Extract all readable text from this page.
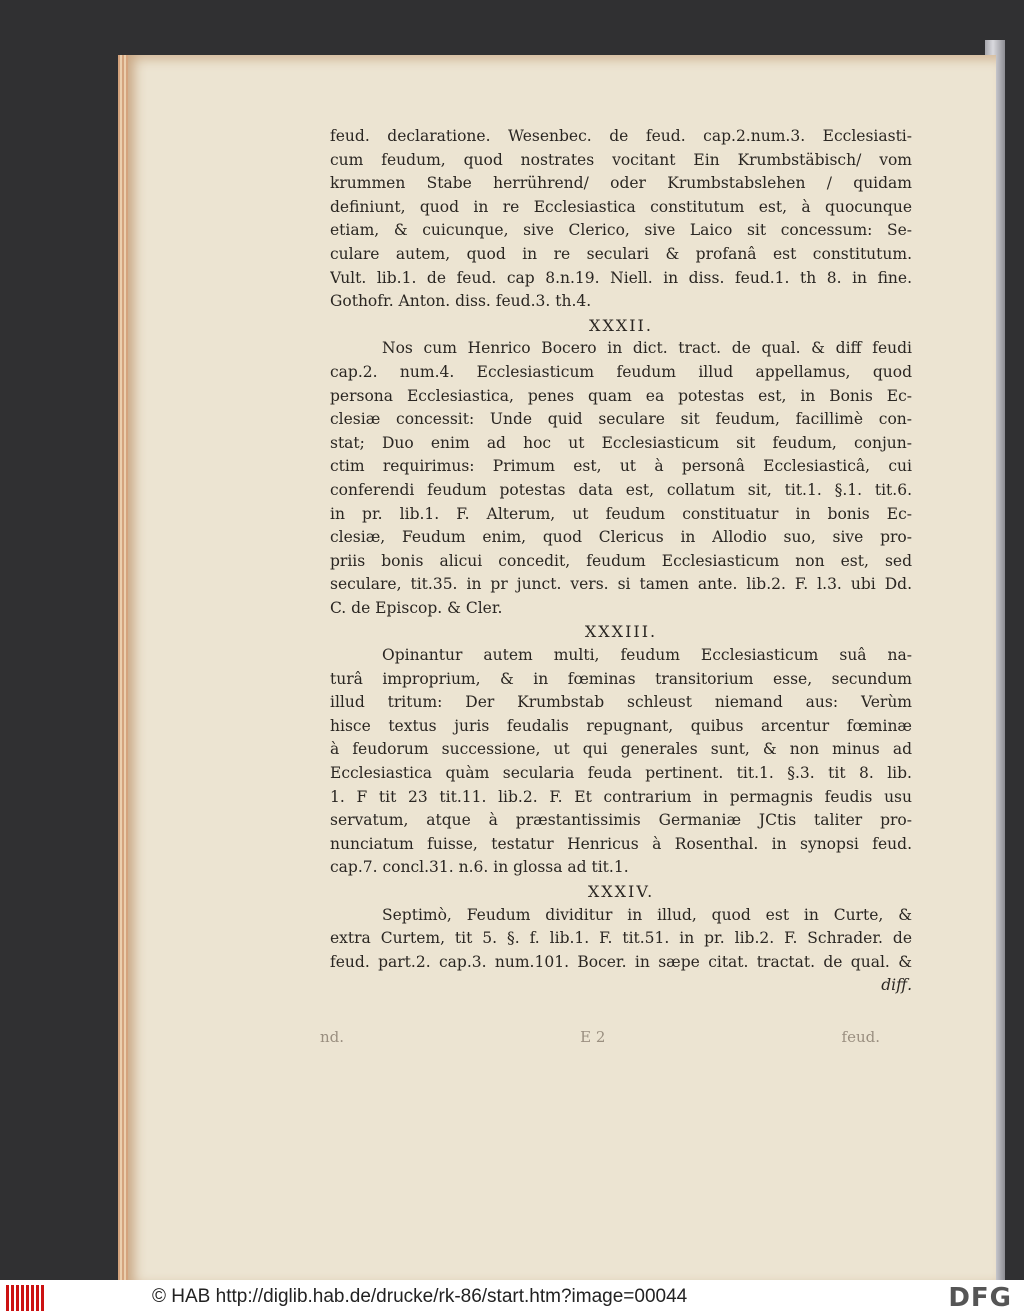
feud. declaratione. Wesenbec. de feud. cap.2.num.3. Ecclesiasti-
cum feudum, quod nostrates vocitant Ein Krumbstäbisch/ vom
krummen Stabe herrührend/ oder Krumbstabslehen / quidam
definiunt, quod in re Ecclesiastica constitutum est, à quocunque
etiam, & cuicunque, sive Clerico, sive Laico sit concessum: Se-
culare autem, quod in re seculari & profanâ est constitutum.
Vult. lib.1. de feud. cap 8.n.19. Niell. in diss. feud.1. th 8. in fine.
Gothofr. Anton. diss. feud.3. th.4.
XXXII.
Nos cum Henrico Bocero in dict. tract. de qual. & diff feudi
cap.2. num.4. Ecclesiasticum feudum illud appellamus, quod
persona Ecclesiastica, penes quam ea potestas est, in Bonis Ec-
clesiæ concessit: Unde quid seculare sit feudum, facillimè con-
stat; Duo enim ad hoc ut Ecclesiasticum sit feudum, conjun-
ctim requirimus: Primum est, ut à personâ Ecclesiasticâ, cui
conferendi feudum potestas data est, collatum sit, tit.1. §.1. tit.6.
in pr. lib.1. F. Alterum, ut feudum constituatur in bonis Ec-
clesiæ, Feudum enim, quod Clericus in Allodio suo, sive pro-
priis bonis alicui concedit, feudum Ecclesiasticum non est, sed
seculare, tit.35. in pr junct. vers. si tamen ante. lib.2. F. l.3. ubi Dd.
C. de Episcop. & Cler.
XXXIII.
Opinantur autem multi, feudum Ecclesiasticum suâ na-
turâ improprium, & in fœminas transitorium esse, secundum
illud tritum: Der Krumbstab schleust niemand aus: Verùm
hisce textus juris feudalis repugnant, quibus arcentur fœminæ
à feudorum successione, ut qui generales sunt, & non minus ad
Ecclesiastica quàm secularia feuda pertinent. tit.1. §.3. tit 8. lib.
1. F tit 23 tit.11. lib.2. F. Et contrarium in permagnis feudis usu
servatum, atque à præstantissimis Germaniæ JCtis taliter pro-
nunciatum fuisse, testatur Henricus à Rosenthal. in synopsi feud.
cap.7. concl.31. n.6. in glossa ad tit.1.
XXXIV.
Septimò, Feudum dividitur in illud, quod est in Curte, &
extra Curtem, tit 5. §. f. lib.1. F. tit.51. in pr. lib.2. F. Schrader. de
feud. part.2. cap.3. num.101. Bocer. in sæpe citat. tractat. de qual. &
diff.
nd.	E 2	feud.
© HAB http://diglib.hab.de/drucke/rk-86/start.htm?image=00044	DFG
